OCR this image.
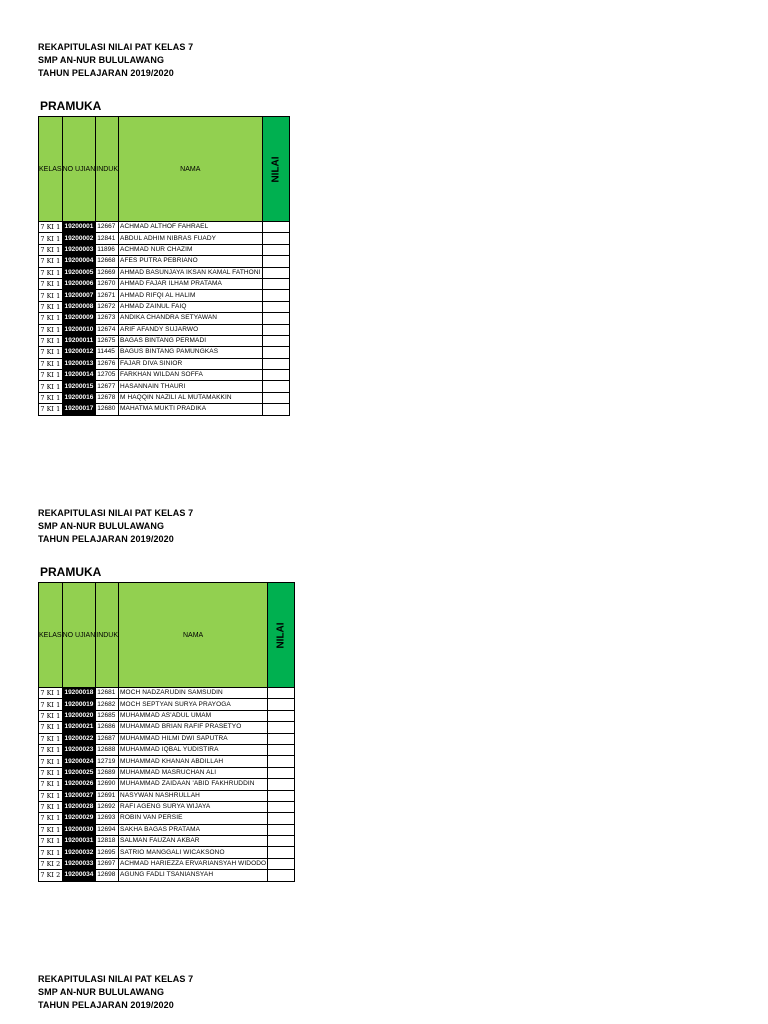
REKAPITULASI NILAI PAT KELAS 7
SMP AN-NUR BULULAWANG
TAHUN PELAJARAN 2019/2020
PRAMUKA
KELAS	NO UJIAN	INDUK	NAMA	NILAI
7 KI 1	19200001	12667	ACHMAD ALTHOF FAHRAEL	
7 KI 1	19200002	12841	ABDUL ADHIM NIBRAS FUADY	
7 KI 1	19200003	11896	ACHMAD NUR CHAZIM	
7 KI 1	19200004	12668	AFES PUTRA PEBRIANO	
7 KI 1	19200005	12669	AHMAD BASUNJAYA IKSAN KAMAL FATHONI	
7 KI 1	19200006	12670	AHMAD FAJAR ILHAM PRATAMA	
7 KI 1	19200007	12671	AHMAD RIFQI AL HALIM	
7 KI 1	19200008	12672	AHMAD ZAINUL FAIQ	
7 KI 1	19200009	12673	ANDIKA CHANDRA SETYAWAN	
7 KI 1	19200010	12674	ARIF AFANDY SUJARWO	
7 KI 1	19200011	12675	BAGAS BINTANG PERMADI	
7 KI 1	19200012	11445	BAGUS BINTANG PAMUNGKAS	
7 KI 1	19200013	12676	FAJAR DIVA SINIOR	
7 KI 1	19200014	12705	FARKHAN WILDAN SOFFA	
7 KI 1	19200015	12677	HASANNAIN THAURI	
7 KI 1	19200016	12678	M HAQQIN NAZILI AL MUTAMAKKIN	
7 KI 1	19200017	12680	MAHATMA MUKTI PRADIKA	
REKAPITULASI NILAI PAT KELAS 7
SMP AN-NUR BULULAWANG
TAHUN PELAJARAN 2019/2020
PRAMUKA
KELAS	NO UJIAN	INDUK	NAMA	NILAI
7 KI 1	19200018	12681	MOCH NADZARUDIN SAMSUDIN	
7 KI 1	19200019	12682	MOCH SEPTYAN SURYA PRAYOGA	
7 KI 1	19200020	12685	MUHAMMAD AS'ADUL UMAM	
7 KI 1	19200021	12686	MUHAMMAD BRIAN RAFIF PRASETYO	
7 KI 1	19200022	12687	MUHAMMAD HILMI DWI SAPUTRA	
7 KI 1	19200023	12688	MUHAMMAD IQBAL YUDISTIRA	
7 KI 1	19200024	12719	MUHAMMAD KHANAN ABDILLAH	
7 KI 1	19200025	12689	MUHAMMAD MASRUCHAN ALI	
7 KI 1	19200026	12690	MUHAMMAD ZAIDAAN 'ABID FAKHRUDDIN	
7 KI 1	19200027	12691	NASYWAN NASHRULLAH	
7 KI 1	19200028	12692	RAFI AGENG SURYA WIJAYA	
7 KI 1	19200029	12693	ROBIN VAN PERSIE	
7 KI 1	19200030	12694	SAKHA BAGAS PRATAMA	
7 KI 1	19200031	12818	SALMAN FAUZAN AKBAR	
7 KI 1	19200032	12695	SATRIO MANGGALI WICAKSONO	
7 KI 2	19200033	12697	ACHMAD HARIEZZA ERVARIANSYAH WIDODO	
7 KI 2	19200034	12698	AGUNG FADLI TSANIANSYAH	
REKAPITULASI NILAI PAT KELAS 7
SMP AN-NUR BULULAWANG
TAHUN PELAJARAN 2019/2020
